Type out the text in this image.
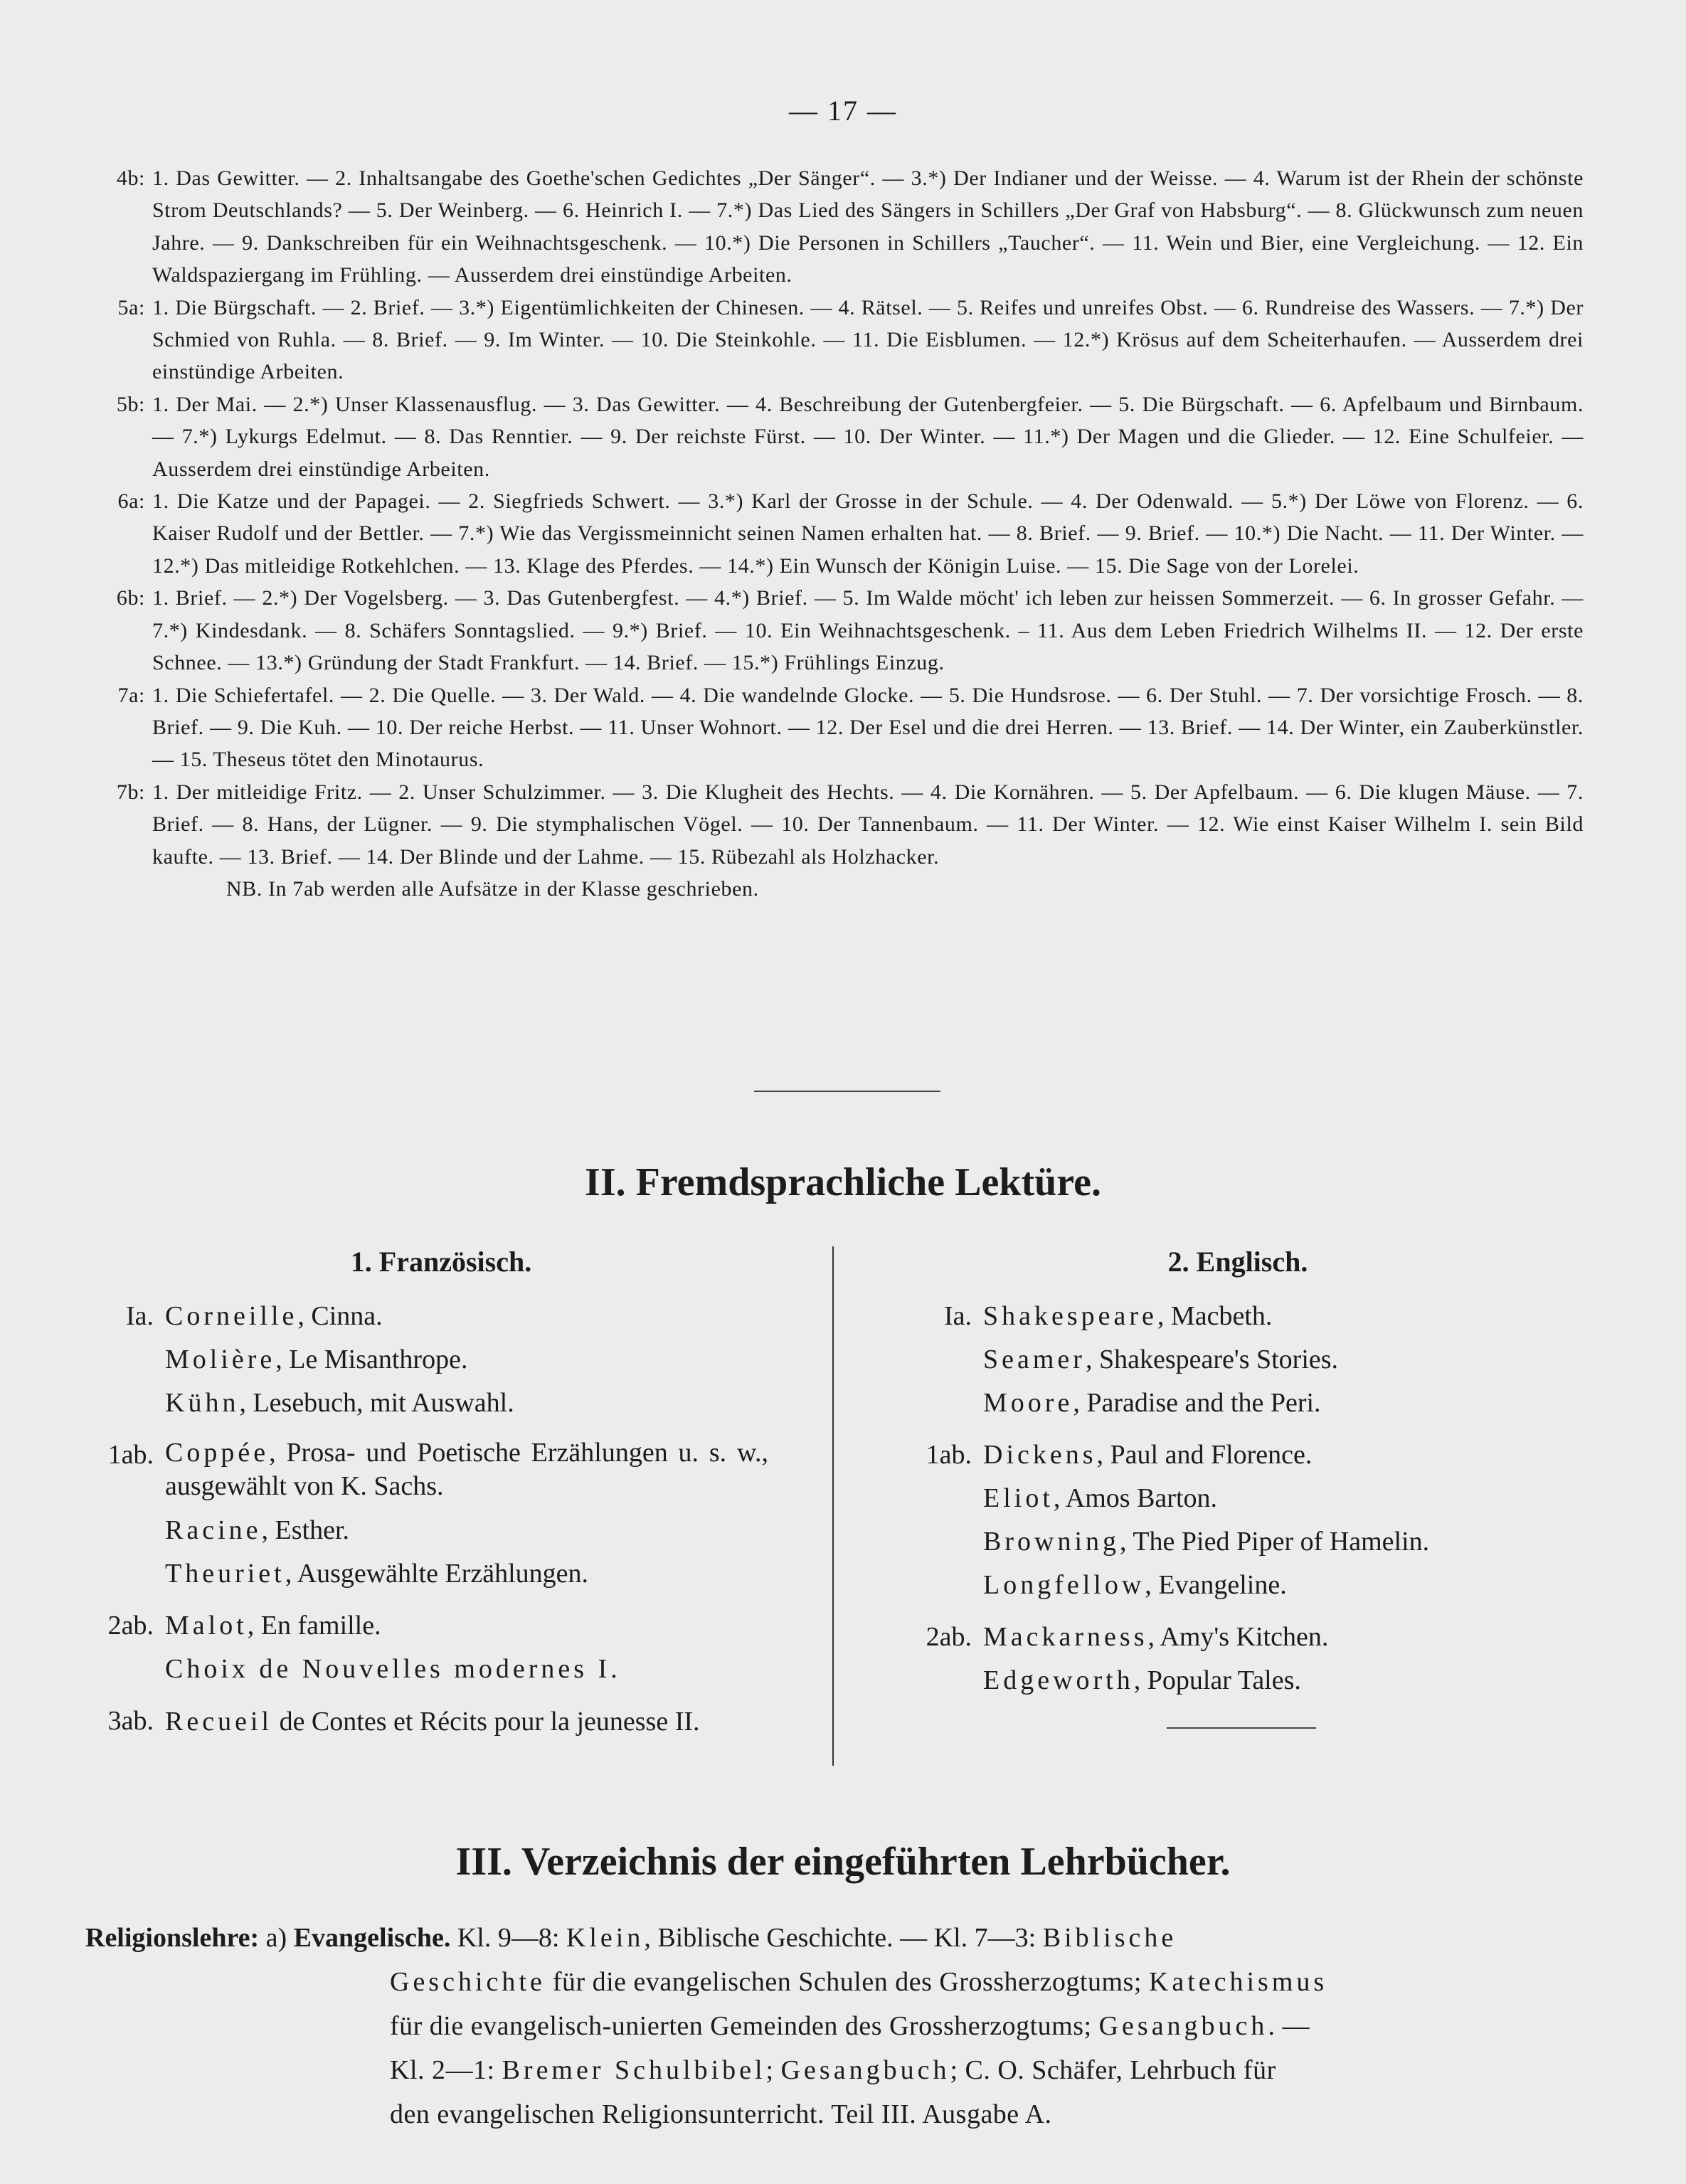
— 17 —
4b: 1. Das Gewitter. — 2. Inhaltsangabe des Goethe'schen Gedichtes „Der Sänger“. — 3.*) Der Indianer und der Weisse. — 4. Warum ist der Rhein der schönste Strom Deutschlands? — 5. Der Weinberg. — 6. Heinrich I. — 7.*) Das Lied des Sängers in Schillers „Der Graf von Habsburg“. — 8. Glückwunsch zum neuen Jahre. — 9. Dankschreiben für ein Weihnachtsgeschenk. — 10.*) Die Personen in Schillers „Taucher“. — 11. Wein und Bier, eine Vergleichung. — 12. Ein Waldspaziergang im Frühling. — Ausserdem drei einstündige Arbeiten.
5a: 1. Die Bürgschaft. — 2. Brief. — 3.*) Eigentümlichkeiten der Chinesen. — 4. Rätsel. — 5. Reifes und unreifes Obst. — 6. Rundreise des Wassers. — 7.*) Der Schmied von Ruhla. — 8. Brief. — 9. Im Winter. — 10. Die Steinkohle. — 11. Die Eisblumen. — 12.*) Krösus auf dem Scheiterhaufen. — Ausserdem drei einstündige Arbeiten.
5b: 1. Der Mai. — 2.*) Unser Klassenausflug. — 3. Das Gewitter. — 4. Beschreibung der Gutenbergfeier. — 5. Die Bürgschaft. — 6. Apfelbaum und Birnbaum. — 7.*) Lykurgs Edelmut. — 8. Das Renntier. — 9. Der reichste Fürst. — 10. Der Winter. — 11.*) Der Magen und die Glieder. — 12. Eine Schulfeier. — Ausserdem drei einstündige Arbeiten.
6a: 1. Die Katze und der Papagei. — 2. Siegfrieds Schwert. — 3.*) Karl der Grosse in der Schule. — 4. Der Odenwald. — 5.*) Der Löwe von Florenz. — 6. Kaiser Rudolf und der Bettler. — 7.*) Wie das Vergissmeinnicht seinen Namen erhalten hat. — 8. Brief. — 9. Brief. — 10.*) Die Nacht. — 11. Der Winter. — 12.*) Das mitleidige Rotkehlchen. — 13. Klage des Pferdes. — 14.*) Ein Wunsch der Königin Luise. — 15. Die Sage von der Lorelei.
6b: 1. Brief. — 2.*) Der Vogelsberg. — 3. Das Gutenbergfest. — 4.*) Brief. — 5. Im Walde möcht' ich leben zur heissen Sommerzeit. — 6. In grosser Gefahr. — 7.*) Kindesdank. — 8. Schäfers Sonntagslied. — 9.*) Brief. — 10. Ein Weihnachtsgeschenk. – 11. Aus dem Leben Friedrich Wilhelms II. — 12. Der erste Schnee. — 13.*) Gründung der Stadt Frankfurt. — 14. Brief. — 15.*) Frühlings Einzug.
7a: 1. Die Schiefertafel. — 2. Die Quelle. — 3. Der Wald. — 4. Die wandelnde Glocke. — 5. Die Hundsrose. — 6. Der Stuhl. — 7. Der vorsichtige Frosch. — 8. Brief. — 9. Die Kuh. — 10. Der reiche Herbst. — 11. Unser Wohnort. — 12. Der Esel und die drei Herren. — 13. Brief. — 14. Der Winter, ein Zauberkünstler. — 15. Theseus tötet den Minotaurus.
7b: 1. Der mitleidige Fritz. — 2. Unser Schulzimmer. — 3. Die Klugheit des Hechts. — 4. Die Kornähren. — 5. Der Apfelbaum. — 6. Die klugen Mäuse. — 7. Brief. — 8. Hans, der Lügner. — 9. Die stymphalischen Vögel. — 10. Der Tannenbaum. — 11. Der Winter. — 12. Wie einst Kaiser Wilhelm I. sein Bild kaufte. — 13. Brief. — 14. Der Blinde und der Lahme. — 15. Rübezahl als Holzhacker.
NB. In 7ab werden alle Aufsätze in der Klasse geschrieben.
II. Fremdsprachliche Lektüre.
1. Französisch.	2. Englisch.
Ia. Corneille, Cinna.
Molière, Le Misanthrope.
Kühn, Lesebuch, mit Auswahl.
1ab. Coppée, Prosa- und Poetische Erzählungen u. s. w., ausgewählt von K. Sachs.
Racine, Esther.
Theuriet, Ausgewählte Erzählungen.
2ab. Malot, En famille.
Choix de Nouvelles modernes I.
3ab. Recueil de Contes et Récits pour la jeunesse II.
Ia. Shakespeare, Macbeth.
Seamer, Shakespeare's Stories.
Moore, Paradise and the Peri.
1ab. Dickens, Paul and Florence.
Eliot, Amos Barton.
Browning, The Pied Piper of Hamelin.
Longfellow, Evangeline.
2ab. Mackarness, Amy's Kitchen.
Edgeworth, Popular Tales.
III. Verzeichnis der eingeführten Lehrbücher.
Religionslehre: a) Evangelische. Kl. 9—8: Klein, Biblische Geschichte. — Kl. 7—3: Biblische
Geschichte für die evangelischen Schulen des Grossherzogtums; Katechismus
für die evangelisch-unierten Gemeinden des Grossherzogtums; Gesangbuch. —
Kl. 2—1: Bremer Schulbibel; Gesangbuch; C. O. Schäfer, Lehrbuch für
den evangelischen Religionsunterricht. Teil III. Ausgabe A.
